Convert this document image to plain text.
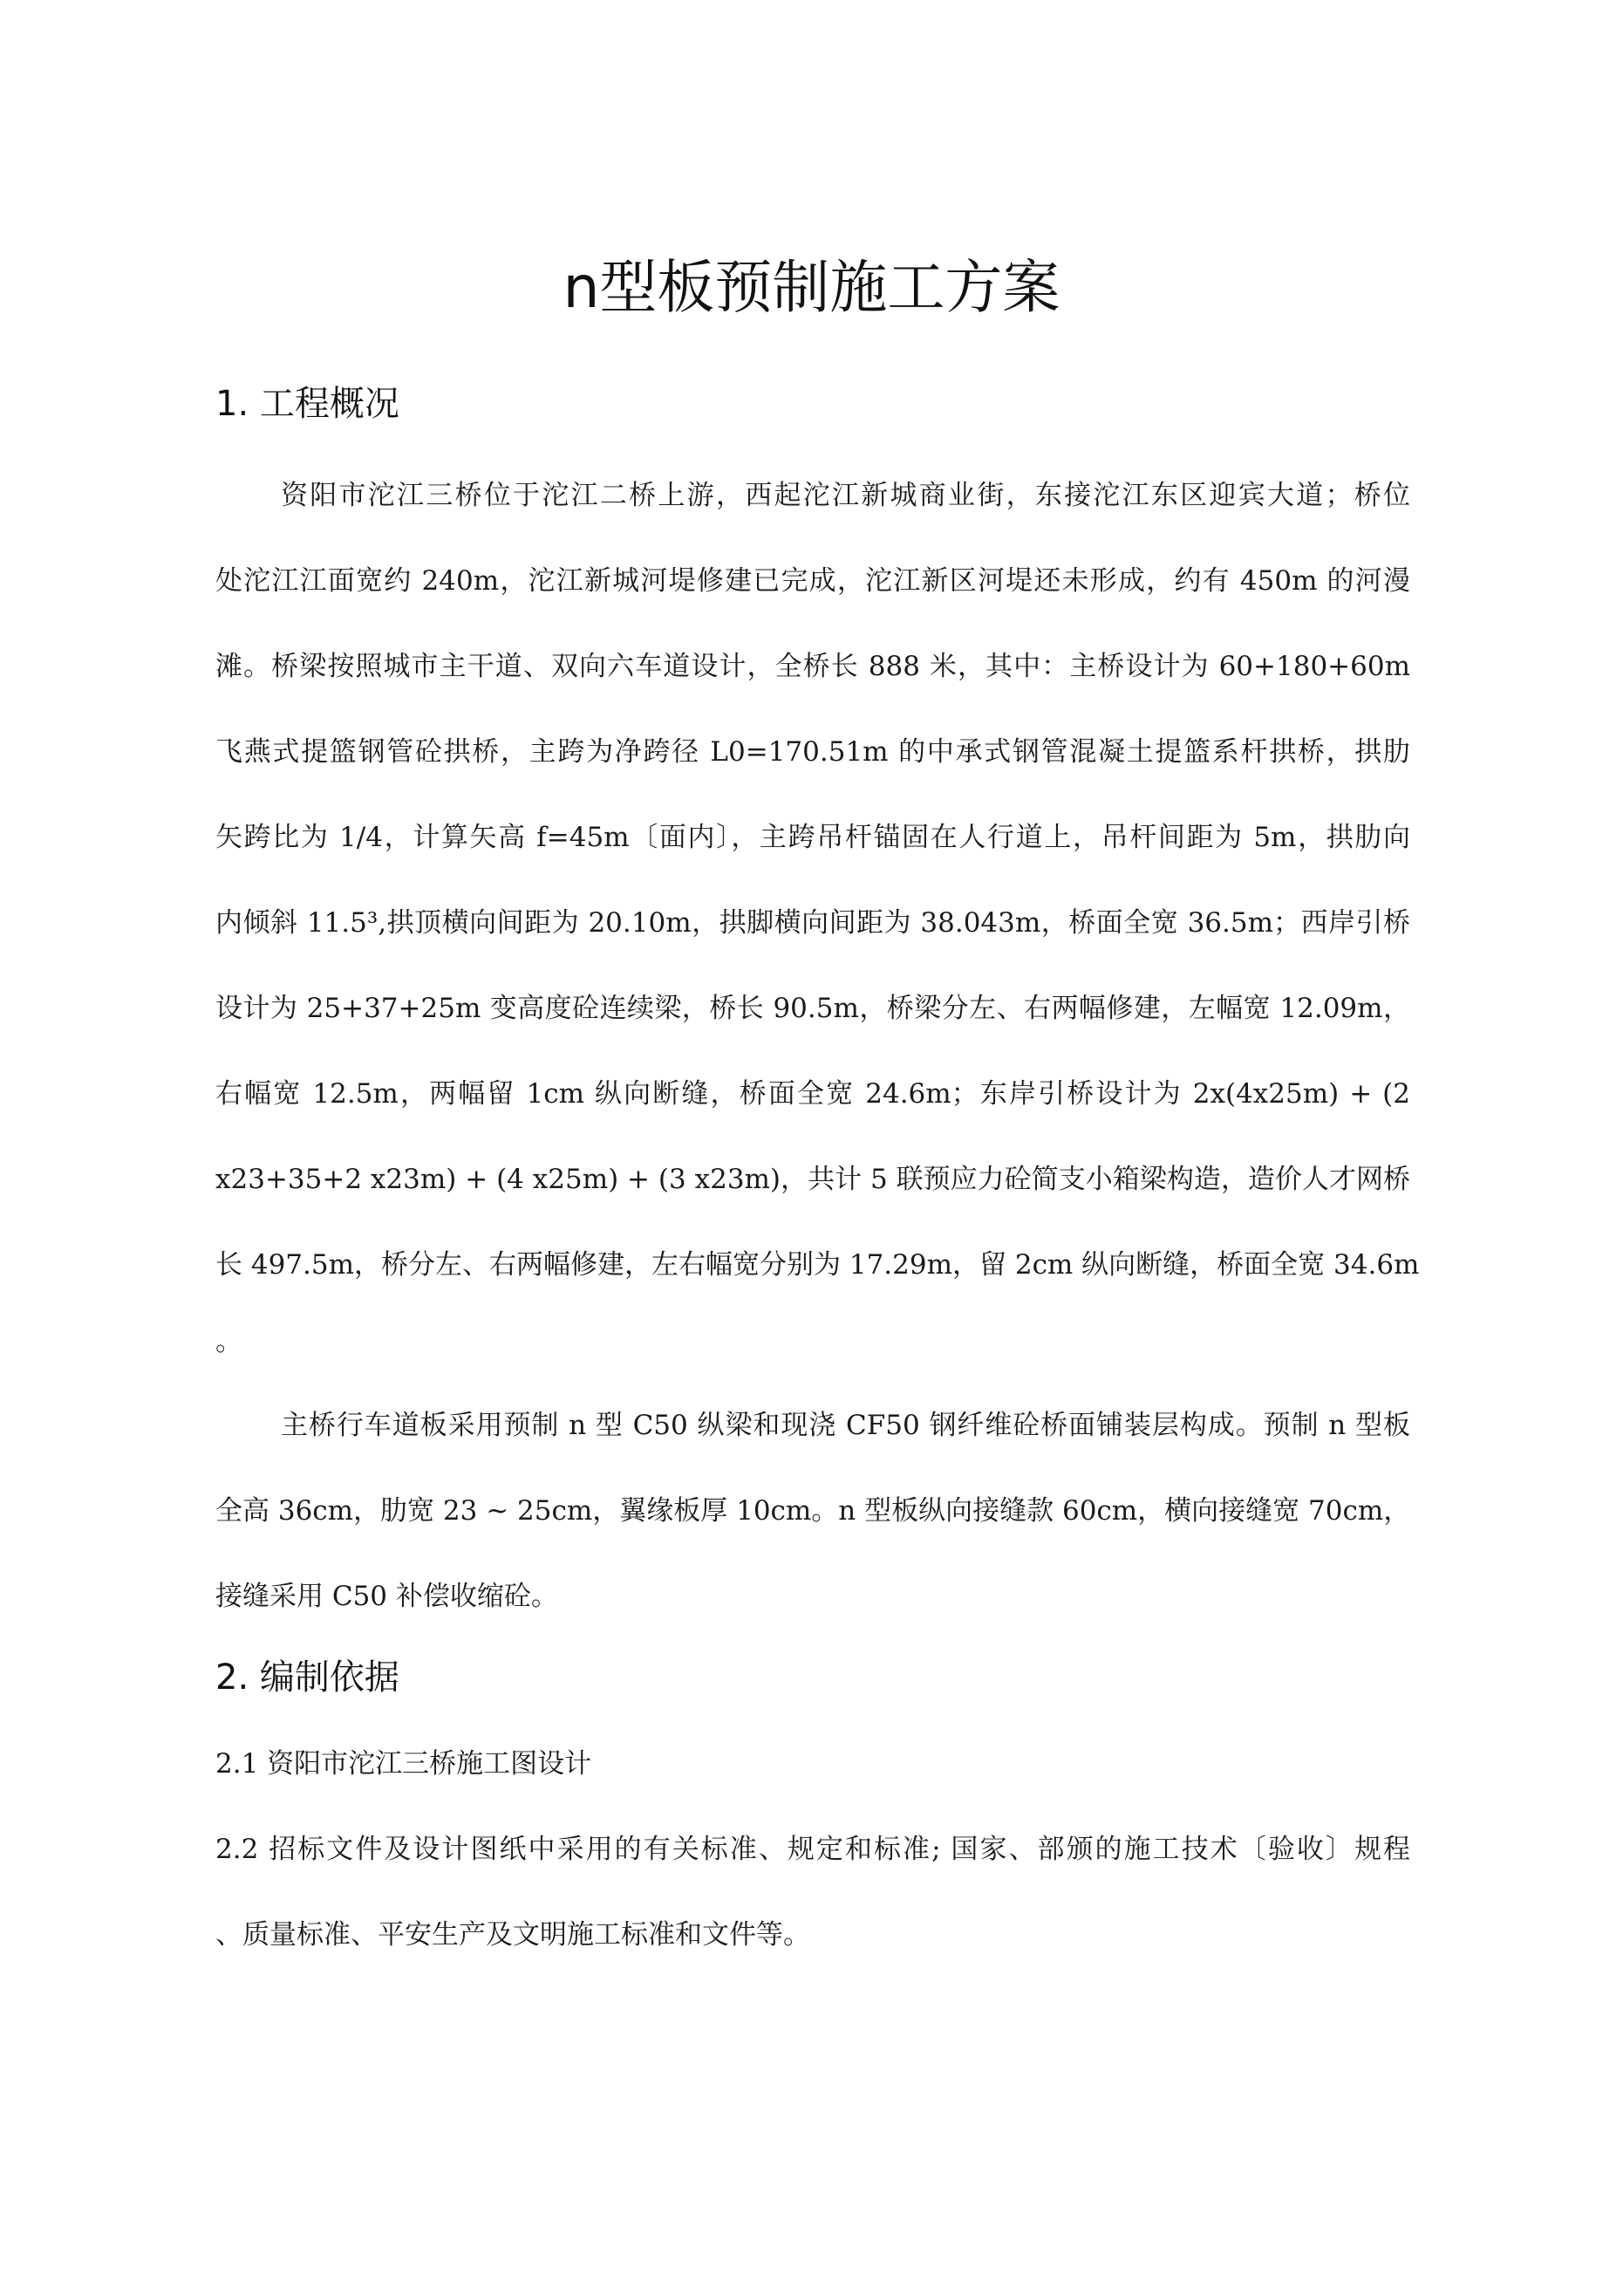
n型板预制施工方案
1. 工程概况
资阳市沱江三桥位于沱江二桥上游，西起沱江新城商业街，东接沱江东区迎宾大道；桥位
处沱江江面宽约 240m，沱江新城河堤修建已完成，沱江新区河堤还未形成，约有 450m 的河漫
滩。桥梁按照城市主干道、双向六车道设计，全桥长 888 米，其中：主桥设计为 60+180+60m
飞燕式提篮钢管砼拱桥，主跨为净跨径 L0=170.51m 的中承式钢管混凝土提篮系杆拱桥，拱肋
矢跨比为 1/4，计算矢高 f=45m〔面内〕，主跨吊杆锚固在人行道上，吊杆间距为 5m，拱肋向
内倾斜 11.5³,拱顶横向间距为 20.10m，拱脚横向间距为 38.043m，桥面全宽 36.5m；西岸引桥
设计为 25+37+25m 变高度砼连续梁，桥长 90.5m，桥梁分左、右两幅修建，左幅宽 12.09m，
右幅宽 12.5m，两幅留 1cm 纵向断缝，桥面全宽 24.6m；东岸引桥设计为 2x(4x25m) + (2
x23+35+2 x23m) + (4 x25m) + (3 x23m)，共计 5 联预应力砼简支小箱梁构造，造价人才网桥
长 497.5m，桥分左、右两幅修建，左右幅宽分别为 17.29m，留 2cm 纵向断缝，桥面全宽 34.6m
。
主桥行车道板采用预制 n 型 C50 纵梁和现浇 CF50 钢纤维砼桥面铺装层构成。预制 n 型板
全高 36cm，肋宽 23 ~ 25cm，翼缘板厚 10cm。n 型板纵向接缝款 60cm，横向接缝宽 70cm，
接缝采用 C50 补偿收缩砼。
2. 编制依据
2.1 资阳市沱江三桥施工图设计
2.2 招标文件及设计图纸中采用的有关标准、规定和标准; 国家、部颁的施工技术〔验收〕规程
、质量标准、平安生产及文明施工标准和文件等。
